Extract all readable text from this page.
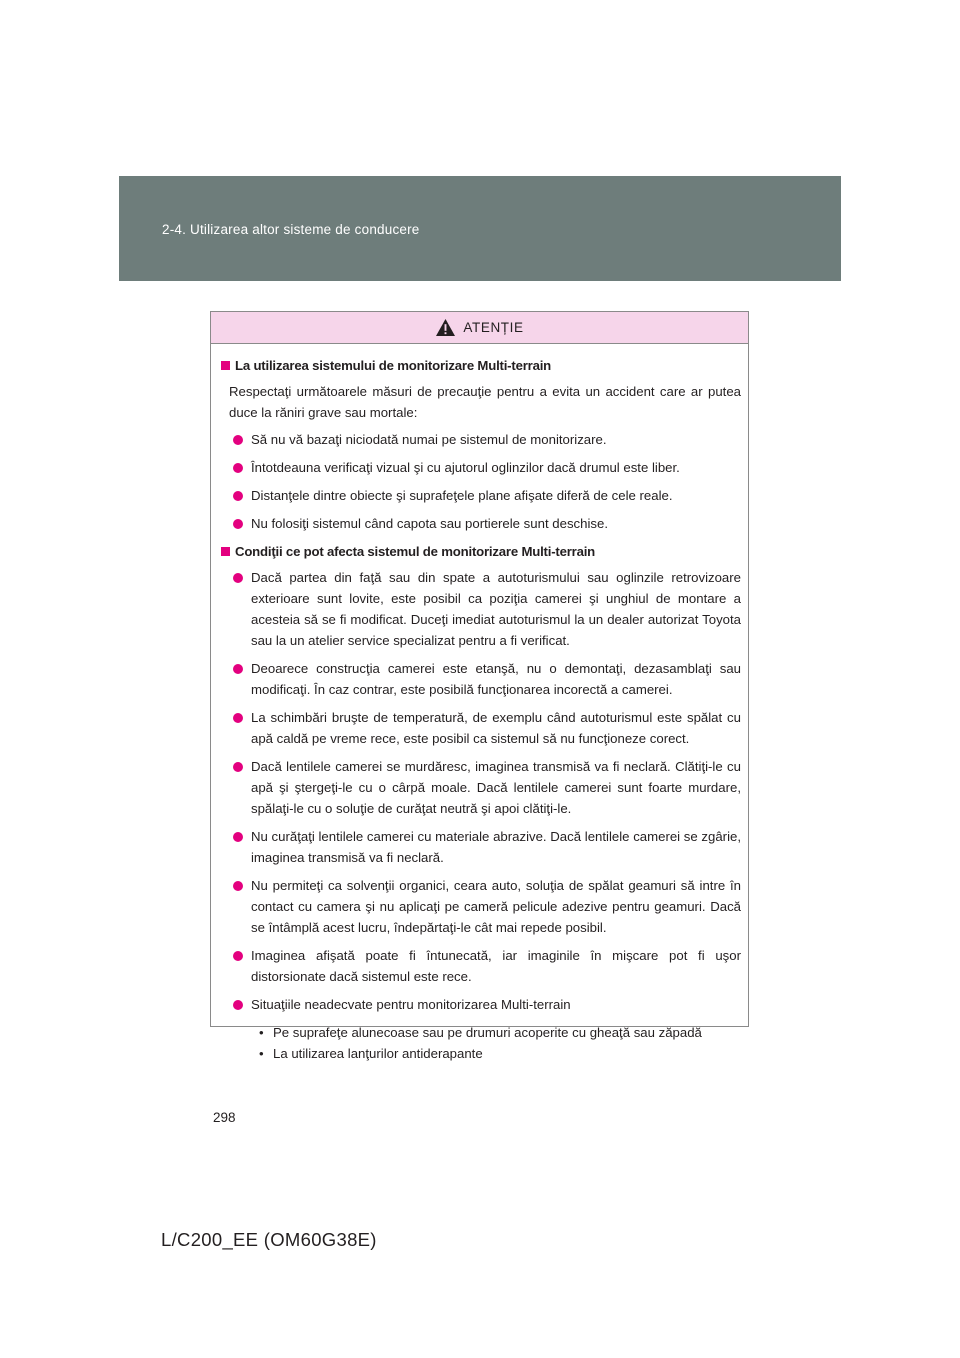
2-4. Utilizarea altor sisteme de conducere
ATENȚIE
La utilizarea sistemului de monitorizare Multi-terrain
Respectaţi următoarele măsuri de precauţie pentru a evita un accident care ar putea duce la răniri grave sau mortale:
Să nu vă bazaţi niciodată numai pe sistemul de monitorizare.
Întotdeauna verificaţi vizual şi cu ajutorul oglinzilor dacă drumul este liber.
Distanţele dintre obiecte şi suprafeţele plane afişate diferă de cele reale.
Nu folosiţi sistemul când capota sau portierele sunt deschise.
Condiţii ce pot afecta sistemul de monitorizare Multi-terrain
Dacă partea din faţă sau din spate a autoturismului sau oglinzile retrovizoare exterioare sunt lovite, este posibil ca poziţia camerei şi unghiul de montare a acesteia să se fi modificat. Duceţi imediat autoturismul la un dealer autorizat Toyota sau la un atelier service specializat pentru a fi verificat.
Deoarece construcţia camerei este etanşă, nu o demontaţi, dezasamblaţi sau modificaţi. În caz contrar, este posibilă funcţionarea incorectă a camerei.
La schimbări bruşte de temperatură, de exemplu când autoturismul este spălat cu apă caldă pe vreme rece, este posibil ca sistemul să nu funcţioneze corect.
Dacă lentilele camerei se murdăresc, imaginea transmisă va fi neclară. Clătiţi-le cu apă şi ştergeţi-le cu o cârpă moale. Dacă lentilele camerei sunt foarte murdare, spălaţi-le cu o soluţie de curăţat neutră şi apoi clătiţi-le.
Nu curăţaţi lentilele camerei cu materiale abrazive. Dacă lentilele camerei se zgârie, imaginea transmisă va fi neclară.
Nu permiteţi ca solvenţii organici, ceara auto, soluţia de spălat geamuri să intre în contact cu camera şi nu aplicaţi pe cameră pelicule adezive pentru geamuri. Dacă se întâmplă acest lucru, îndepărtaţi-le cât mai repede posibil.
Imaginea afişată poate fi întunecată, iar imaginile în mişcare pot fi uşor distorsionate dacă sistemul este rece.
Situaţiile neadecvate pentru monitorizarea Multi-terrain
• Pe suprafeţe alunecoase sau pe drumuri acoperite cu gheaţă sau zăpadă
• La utilizarea lanţurilor antiderapante
298
L/C200_EE (OM60G38E)
